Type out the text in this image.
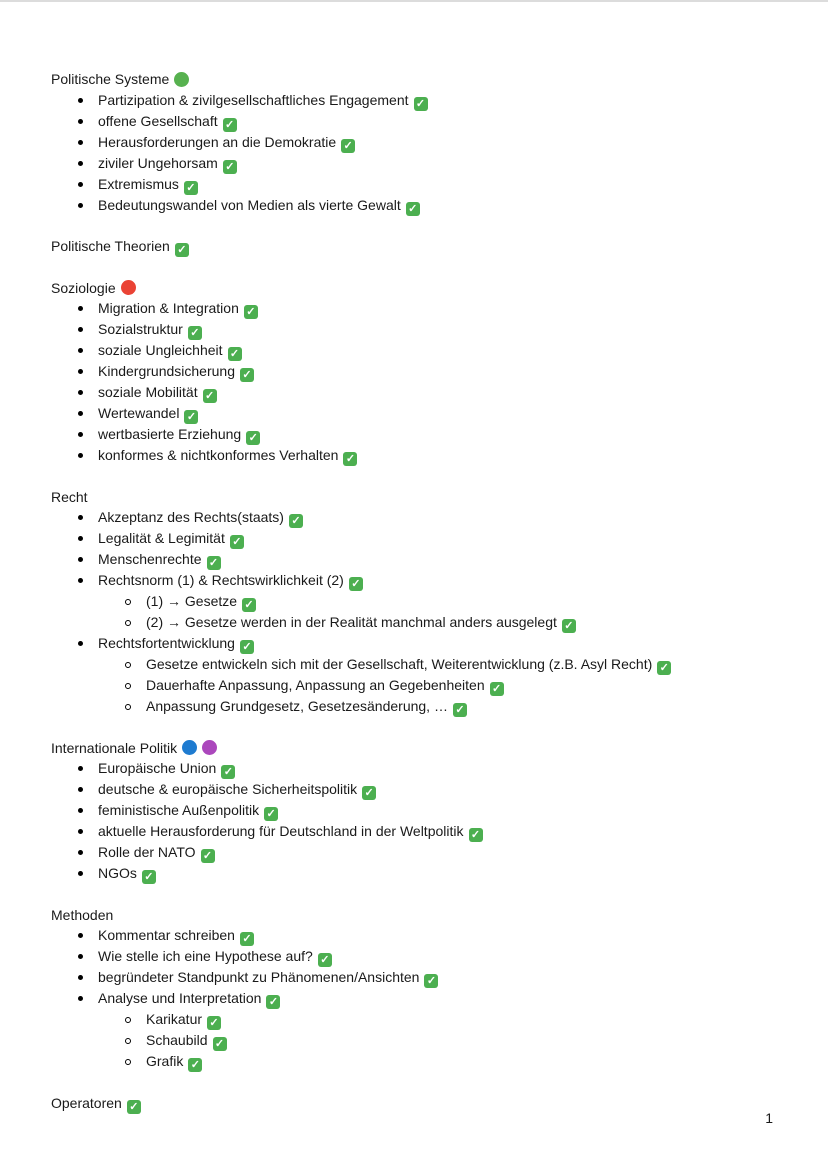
Politische Systeme
Partizipation & zivilgesellschaftliches Engagement ✓
offene Gesellschaft ✓
Herausforderungen an die Demokratie ✓
ziviler Ungehorsam ✓
Extremismus ✓
Bedeutungswandel von Medien als vierte Gewalt ✓
Politische Theorien ✓
Soziologie
Migration & Integration ✓
Sozialstruktur ✓
soziale Ungleichheit ✓
Kindergrundsicherung ✓
soziale Mobilität ✓
Wertewandel ✓
wertbasierte Erziehung ✓
konformes & nichtkonformes Verhalten ✓
Recht
Akzeptanz des Rechts(staats) ✓
Legalität & Legimität ✓
Menschenrechte ✓
Rechtsnorm (1) & Rechtswirklichkeit (2) ✓
(1) → Gesetze ✓
(2) → Gesetze werden in der Realität manchmal anders ausgelegt ✓
Rechtsfortentwicklung ✓
Gesetze entwickeln sich mit der Gesellschaft, Weiterentwicklung (z.B. Asyl Recht) ✓
Dauerhafte Anpassung, Anpassung an Gegebenheiten ✓
Anpassung Grundgesetz, Gesetzesänderung, … ✓
Internationale Politik
Europäische Union ✓
deutsche & europäische Sicherheitspolitik ✓
feministische Außenpolitik ✓
aktuelle Herausforderung für Deutschland in der Weltpolitik ✓
Rolle der NATO ✓
NGOs ✓
Methoden
Kommentar schreiben ✓
Wie stelle ich eine Hypothese auf? ✓
begründeter Standpunkt zu Phänomenen/Ansichten ✓
Analyse und Interpretation ✓
Karikatur ✓
Schaubild ✓
Grafik ✓
Operatoren ✓
1
